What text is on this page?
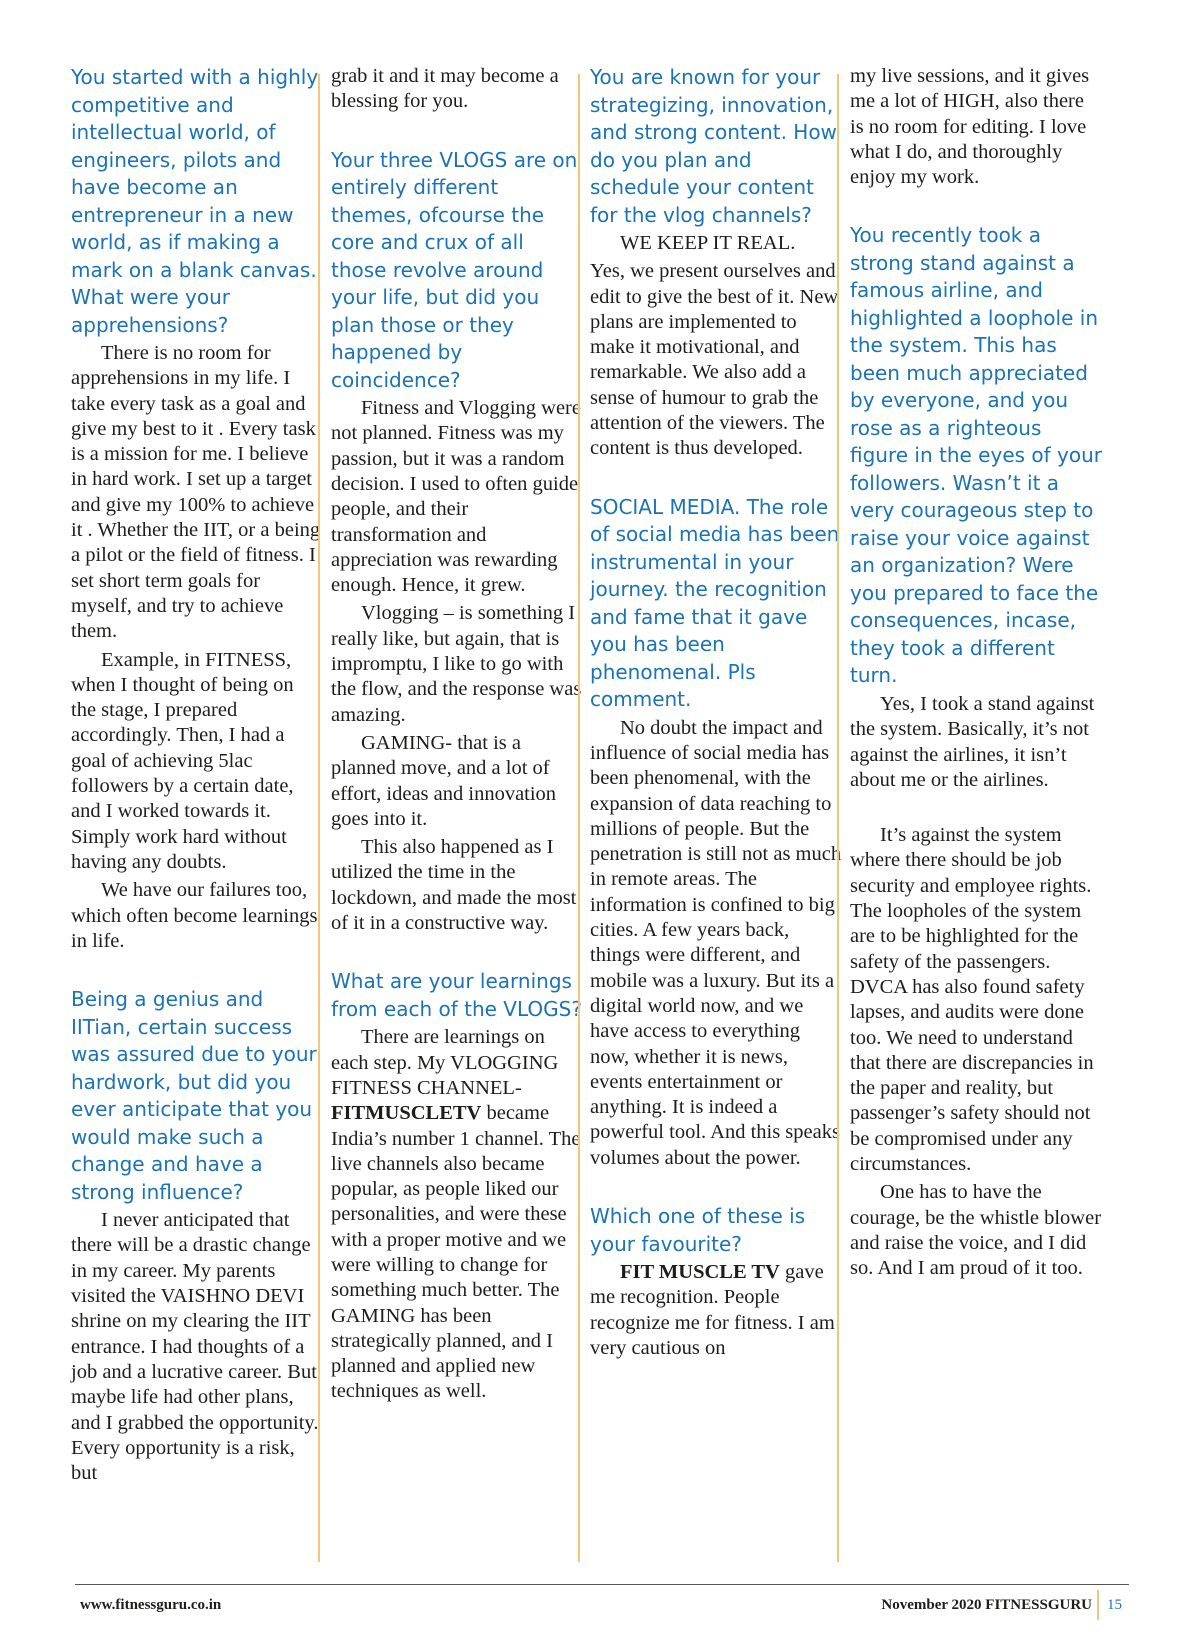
You started with a highly competitive and intellectual world, of engineers, pilots and have become an entrepreneur in a new world, as if making a mark on a blank canvas. What were your apprehensions?

There is no room for apprehensions in my life. I take every task as a goal and give my best to it . Every task is a mission for me. I believe in hard work. I set up a target and give my 100% to achieve it . Whether the IIT, or a being a pilot or the field of fitness. I set short term goals for myself, and try to achieve them.

Example, in FITNESS, when I thought of being on the stage, I prepared accordingly. Then, I had a goal of achieving 5lac followers by a certain date, and I worked towards it. Simply work hard without having any doubts.

We have our failures too, which often become learnings in life.

Being a genius and IITian, certain success was assured due to your hardwork, but did you ever anticipate that you would make such a change and have a strong influence?

I never anticipated that there will be a drastic change in my career. My parents visited the VAISHNO DEVI shrine on my clearing the IIT entrance. I had thoughts of a job and a lucrative career. But maybe life had other plans, and I grabbed the opportunity. Every opportunity is a risk, but

grab it and it may become a blessing for you.

Your three VLOGS are on entirely different themes, ofcourse the core and crux of all those revolve around your life, but did you plan those or they happened by coincidence?

Fitness and Vlogging were not planned. Fitness was my passion, but it was a random decision. I used to often guide people, and their transformation and appreciation was rewarding enough. Hence, it grew.

Vlogging – is something I really like, but again, that is impromptu, I like to go with the flow, and the response was amazing.

GAMING- that is a planned move, and a lot of effort, ideas and innovation goes into it.

This also happened as I utilized the time in the lockdown, and made the most of it in a constructive way.

What are your learnings from each of the VLOGS?

There are learnings on each step. My VLOGGING FITNESS CHANNEL-FITMUSCLETV became India’s number 1 channel. The live channels also became popular, as people liked our personalities, and were these with a proper motive and we were willing to change for something much better. The GAMING has been strategically planned, and I planned and applied new techniques as well.

You are known for your strategizing, innovation, and strong content. How do you plan and schedule your content for the vlog channels?

WE KEEP IT REAL.

Yes, we present ourselves and edit to give the best of it. New plans are implemented to make it motivational, and remarkable. We also add a sense of humour to grab the attention of the viewers. The content is thus developed.

SOCIAL MEDIA. The role of social media has been instrumental in your journey. the recognition and fame that it gave you has been phenomenal. Pls comment.

No doubt the impact and influence of social media has been phenomenal, with the expansion of data reaching to millions of people. But the penetration is still not as much in remote areas. The information is confined to big cities. A few years back, things were different, and mobile was a luxury. But its a digital world now, and we have access to everything now, whether it is news, events entertainment or anything. It is indeed a powerful tool. And this speaks volumes about the power.

Which one of these is your favourite?

FIT MUSCLE TV gave me recognition. People recognize me for fitness. I am very cautious on

my live sessions, and it gives me a lot of HIGH, also there is no room for editing. I love what I do, and thoroughly enjoy my work.

You recently took a strong stand against a famous airline, and highlighted a loophole in the system. This has been much appreciated by everyone, and you rose as a righteous figure in the eyes of your followers. Wasn’t it a very courageous step to raise your voice against an organization? Were you prepared to face the consequences, incase, they took a different turn.

Yes, I took a stand against the system. Basically, it’s not against the airlines, it isn’t about me or the airlines.

It’s against the system where there should be job security and employee rights. The loopholes of the system are to be highlighted for the safety of the passengers. DVCA has also found safety lapses, and audits were done too. We need to understand that there are discrepancies in the paper and reality, but passenger’s safety should not be compromised under any circumstances.

One has to have the courage, be the whistle blower and raise the voice, and I did so. And I am proud of it too.

www.fitnessguru.co.in	November 2020 FITNESSGURU 15
